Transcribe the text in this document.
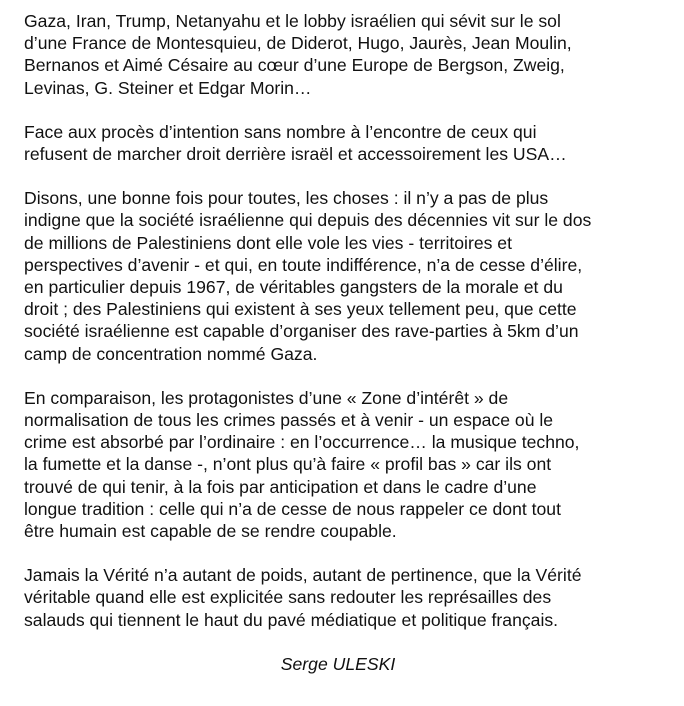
Gaza, Iran, Trump, Netanyahu et le lobby israélien qui sévit sur le sol
d’une France de Montesquieu, de Diderot, Hugo, Jaurès, Jean Moulin,
Bernanos et Aimé Césaire au cœur d’une Europe de Bergson, Zweig,
Levinas, G. Steiner et Edgar Morin…

Face aux procès d’intention sans nombre à l’encontre de ceux qui
refusent de marcher droit derrière israël et accessoirement les USA…

Disons, une bonne fois pour toutes, les choses : il n’y a pas de plus
indigne que la société israélienne qui depuis des décennies vit sur le dos
de millions de Palestiniens dont elle vole les vies - territoires et
perspectives d’avenir - et qui, en toute indifférence, n’a de cesse d’élire,
en particulier depuis 1967, de véritables gangsters de la morale et du
droit ; des Palestiniens qui existent à ses yeux tellement peu, que cette
société israélienne est capable d’organiser des rave-parties à 5km d’un
camp de concentration nommé Gaza.

En comparaison, les protagonistes d’une « Zone d’intérêt » de
normalisation de tous les crimes passés et à venir - un espace où le
crime est absorbé par l’ordinaire : en l’occurrence… la musique techno,
la fumette et la danse -, n’ont plus qu’à faire « profil bas » car ils ont
trouvé de qui tenir, à la fois par anticipation et dans le cadre d’une
longue tradition : celle qui n’a de cesse de nous rappeler ce dont tout
être humain est capable de se rendre coupable.

Jamais la Vérité n’a autant de poids, autant de pertinence, que la Vérité
véritable quand elle est explicitée sans redouter les représailles des
salauds qui tiennent le haut du pavé médiatique et politique français.

Serge ULESKI
